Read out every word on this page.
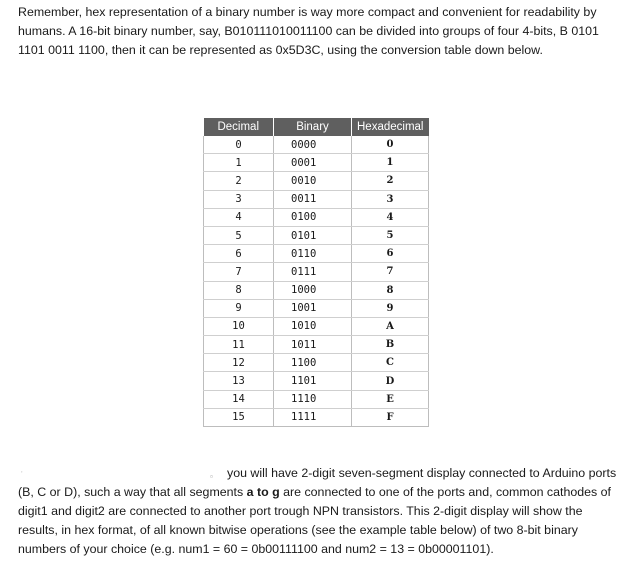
Remember, hex representation of a binary number is way more compact and convenient for readability by
humans. A 16-bit binary number, say, B010111010011100 can be divided into groups of four 4-bits, B 0101
1101 0011 1100, then it can be represented as 0x5D3C, using the conversion table down below.
Decimal	Binary	Hexadecimal
0	0000	0
1	0001	1
2	0010	2
3	0011	3
4	0100	4
5	0101	5
6	0110	6
7	0111	7
8	1000	8
9	1001	9
10	1010	A
11	1011	B
12	1100	C
13	1101	D
14	1110	E
15	1111	F
▫ you will have 2-digit seven-segment display connected to Arduino ports
(B, C or D), such a way that all segments a to g are connected to one of the ports and, common cathodes of
digit1 and digit2 are connected to another port trough NPN transistors. This 2-digit display will show the
results, in hex format, of all known bitwise operations (see the example table below) of two 8-bit binary
numbers of your choice (e.g. num1 = 60 = 0b00111100 and num2 = 13 = 0b00001101).
,
